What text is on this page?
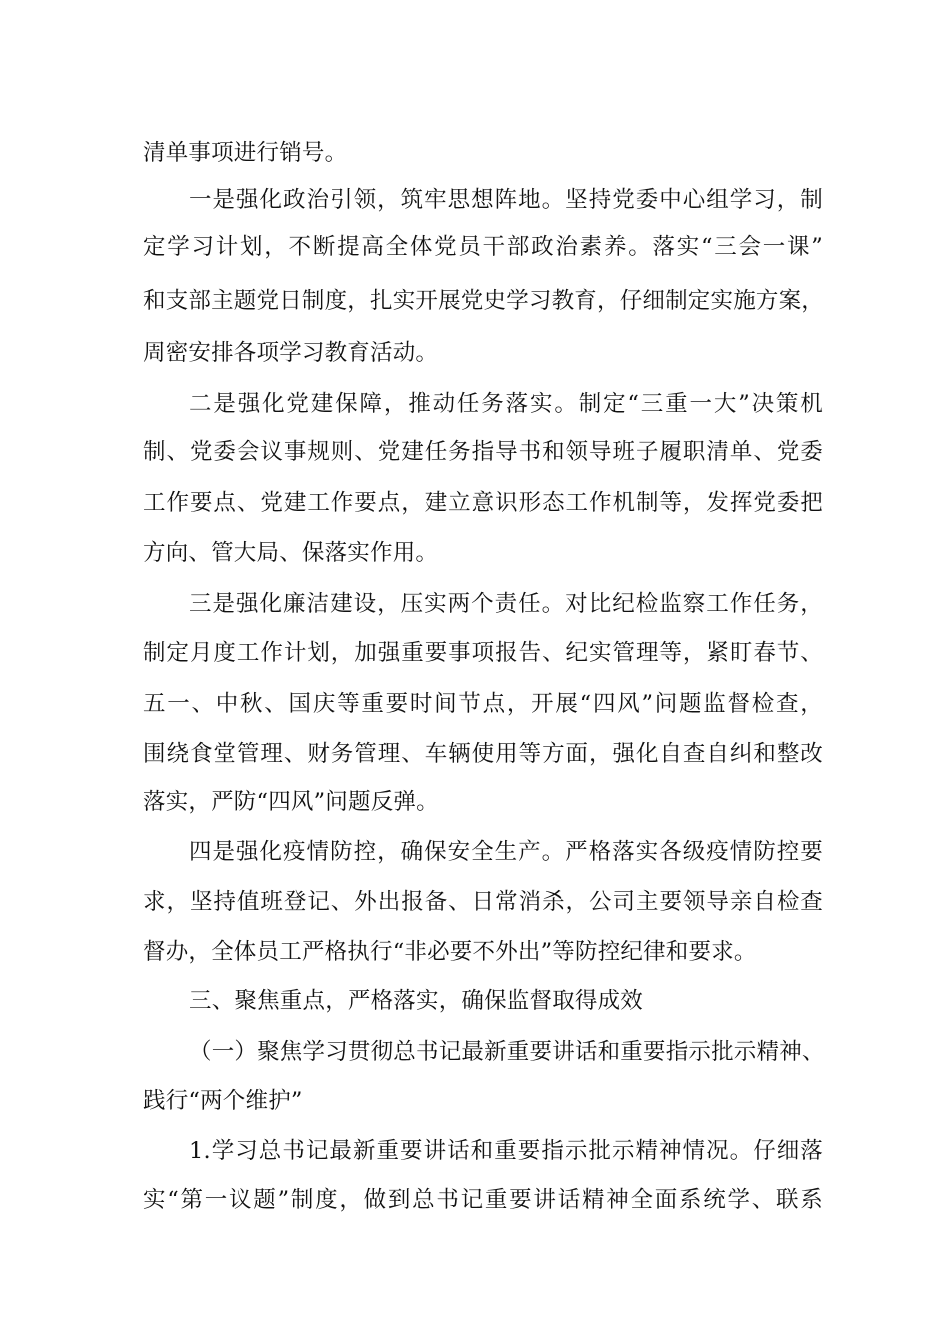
清单事项进行销号。
一是强化政治引领，筑牢思想阵地。坚持党委中心组学习，制
定学习计划，不断提高全体党员干部政治素养。落实“三会一课”
和支部主题党日制度，扎实开展党史学习教育，仔细制定实施方案，
周密安排各项学习教育活动。
二是强化党建保障，推动任务落实。制定“三重一大”决策机
制、党委会议事规则、党建任务指导书和领导班子履职清单、党委
工作要点、党建工作要点，建立意识形态工作机制等，发挥党委把
方向、管大局、保落实作用。
三是强化廉洁建设，压实两个责任。对比纪检监察工作任务，
制定月度工作计划，加强重要事项报告、纪实管理等，紧盯春节、
五一、中秋、国庆等重要时间节点，开展“四风”问题监督检查，
围绕食堂管理、财务管理、车辆使用等方面，强化自查自纠和整改
落实，严防“四风”问题反弹。
四是强化疫情防控，确保安全生产。严格落实各级疫情防控要
求，坚持值班登记、外出报备、日常消杀，公司主要领导亲自检查
督办，全体员工严格执行“非必要不外出”等防控纪律和要求。
三、聚焦重点，严格落实，确保监督取得成效
（一）聚焦学习贯彻总书记最新重要讲话和重要指示批示精神、
践行“两个维护”
1.学习总书记最新重要讲话和重要指示批示精神情况。仔细落
实“第一议题”制度，做到总书记重要讲话精神全面系统学、联系
